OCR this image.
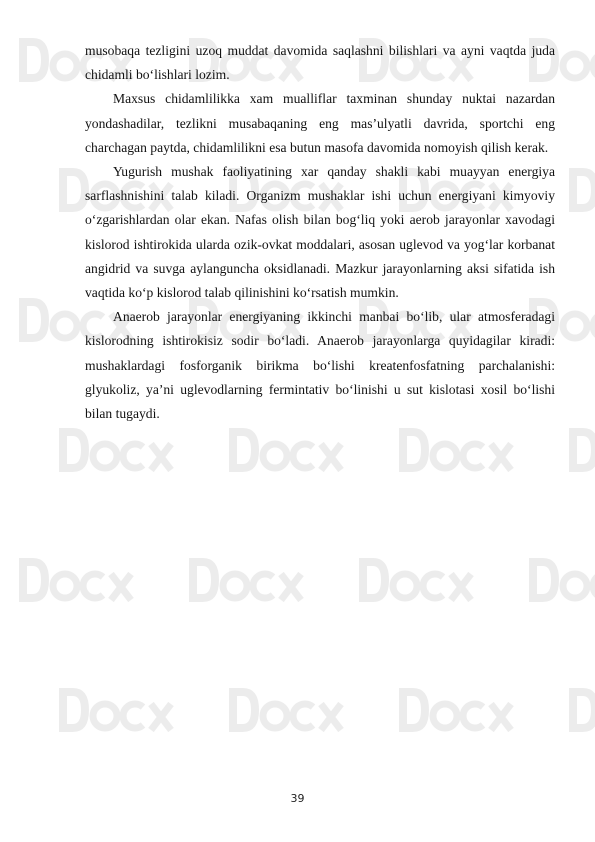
musobaqa tezligini uzoq muddat davomida saqlashni bilishlari va ayni vaqtda juda chidamli bo‘lishlari lozim.

Maxsus chidamlilikka xam mualliflar taxminan shunday nuktai nazardan yondashadilar, tezlikni musabaqaning eng mas’ulyatli davrida, sportchi eng charchagan paytda, chidamlilikni esa butun masofa davomida nomoyish qilish kerak.

Yugurish mushak faoliyatining xar qanday shakli kabi muayyan energiya sarflashnishini talab kiladi. Organizm mushaklar ishi uchun energiyani kimyoviy o‘zgarishlardan olar ekan. Nafas olish bilan bog‘liq yoki aerob jarayonlar xavodagi kislorod ishtirokida ularda ozik-ovkat moddalari, asosan uglevod va yog‘lar korbanat angidrid va suvga aylanguncha oksidlanadi. Mazkur jarayonlarning aksi sifatida ish vaqtida ko‘p kislorod talab qilinishini ko‘rsatish mumkin.

Anaerob jarayonlar energiyaning ikkinchi manbai bo‘lib, ular atmosferadagi kislorodning ishtirokisiz sodir bo‘ladi. Anaerob jarayonlarga quyidagilar kiradi: mushaklardagi fosforganik birikma bo‘lishi kreatenfosfatning parchalanishi: glyukoliz, ya’ni uglevodlarning fermintativ bo‘linishi u sut kislotasi xosil bo‘lishi bilan tugaydi.

39
